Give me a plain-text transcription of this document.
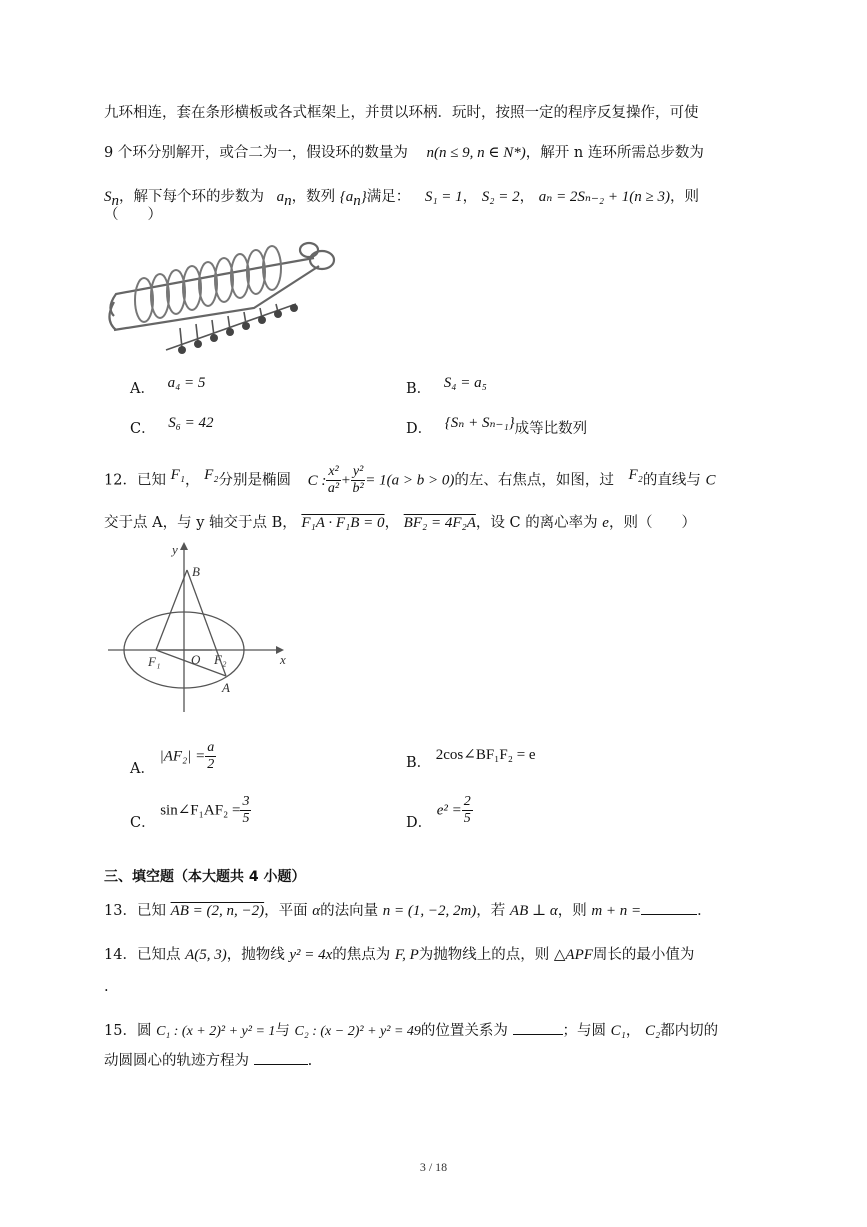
九环相连，套在条形横板或各式框架上，并贯以环柄．玩时，按照一定的程序反复操作，可使
9 个环分别解开，或合二为一，假设环的数量为 n(n ≤ 9, n ∈ N*)，解开 n 连环所需总步数为
$S_n$，解下每个环的步数为 $a_n$，数列 $\{a_n\}$满足： S₁ = 1， S₂ = 2， aₙ = 2Sₙ₋₂ + 1(n ≥ 3)，则
（　　）
A． a₄ = 5	B． S₄ = a₅
C． S₆ = 42	D． {Sₙ + Sₙ₋₁}成等比数列
12．已知 F₁， F₂分别是椭圆 C : $\frac{\text{x²}}{\text{a²}} + \frac{\text{y²}}{\text{b²}} = 1(a > b > 0)$的左、右焦点，如图，过 F₂的直线与 C
交于点 A，与 y 轴交于点 B， F₁A · F₁B = 0， BF₂ = 4F₂A，设 C 的离心率为 e，则（　　）
y
x
B
O
F₁	F₂
A
A． $|AF_2| = \frac{a}{2}$	B． 2cos∠BF₁F₂ = e
C． sin∠F₁AF₂ = $\frac{3}{5}$	D． $e^2 = \frac{2}{5}$
三、填空题（本大题共 4 小题）
13．已知 AB = (2, n, −2)，平面 α的法向量 n = (1, −2, 2m)，若 AB ⊥ α，则 m + n =	．
14．已知点 A(5, 3)，抛物线 y² = 4x的焦点为 F, P为抛物线上的点，则 △APF周长的最小值为
.
15．圆 C₁ : (x + 2)² + y² = 1与 C₂ : (x − 2)² + y² = 49的位置关系为	；与圆 C₁， C₂都内切的
动圆圆心的轨迹方程为	.
3 / 18
